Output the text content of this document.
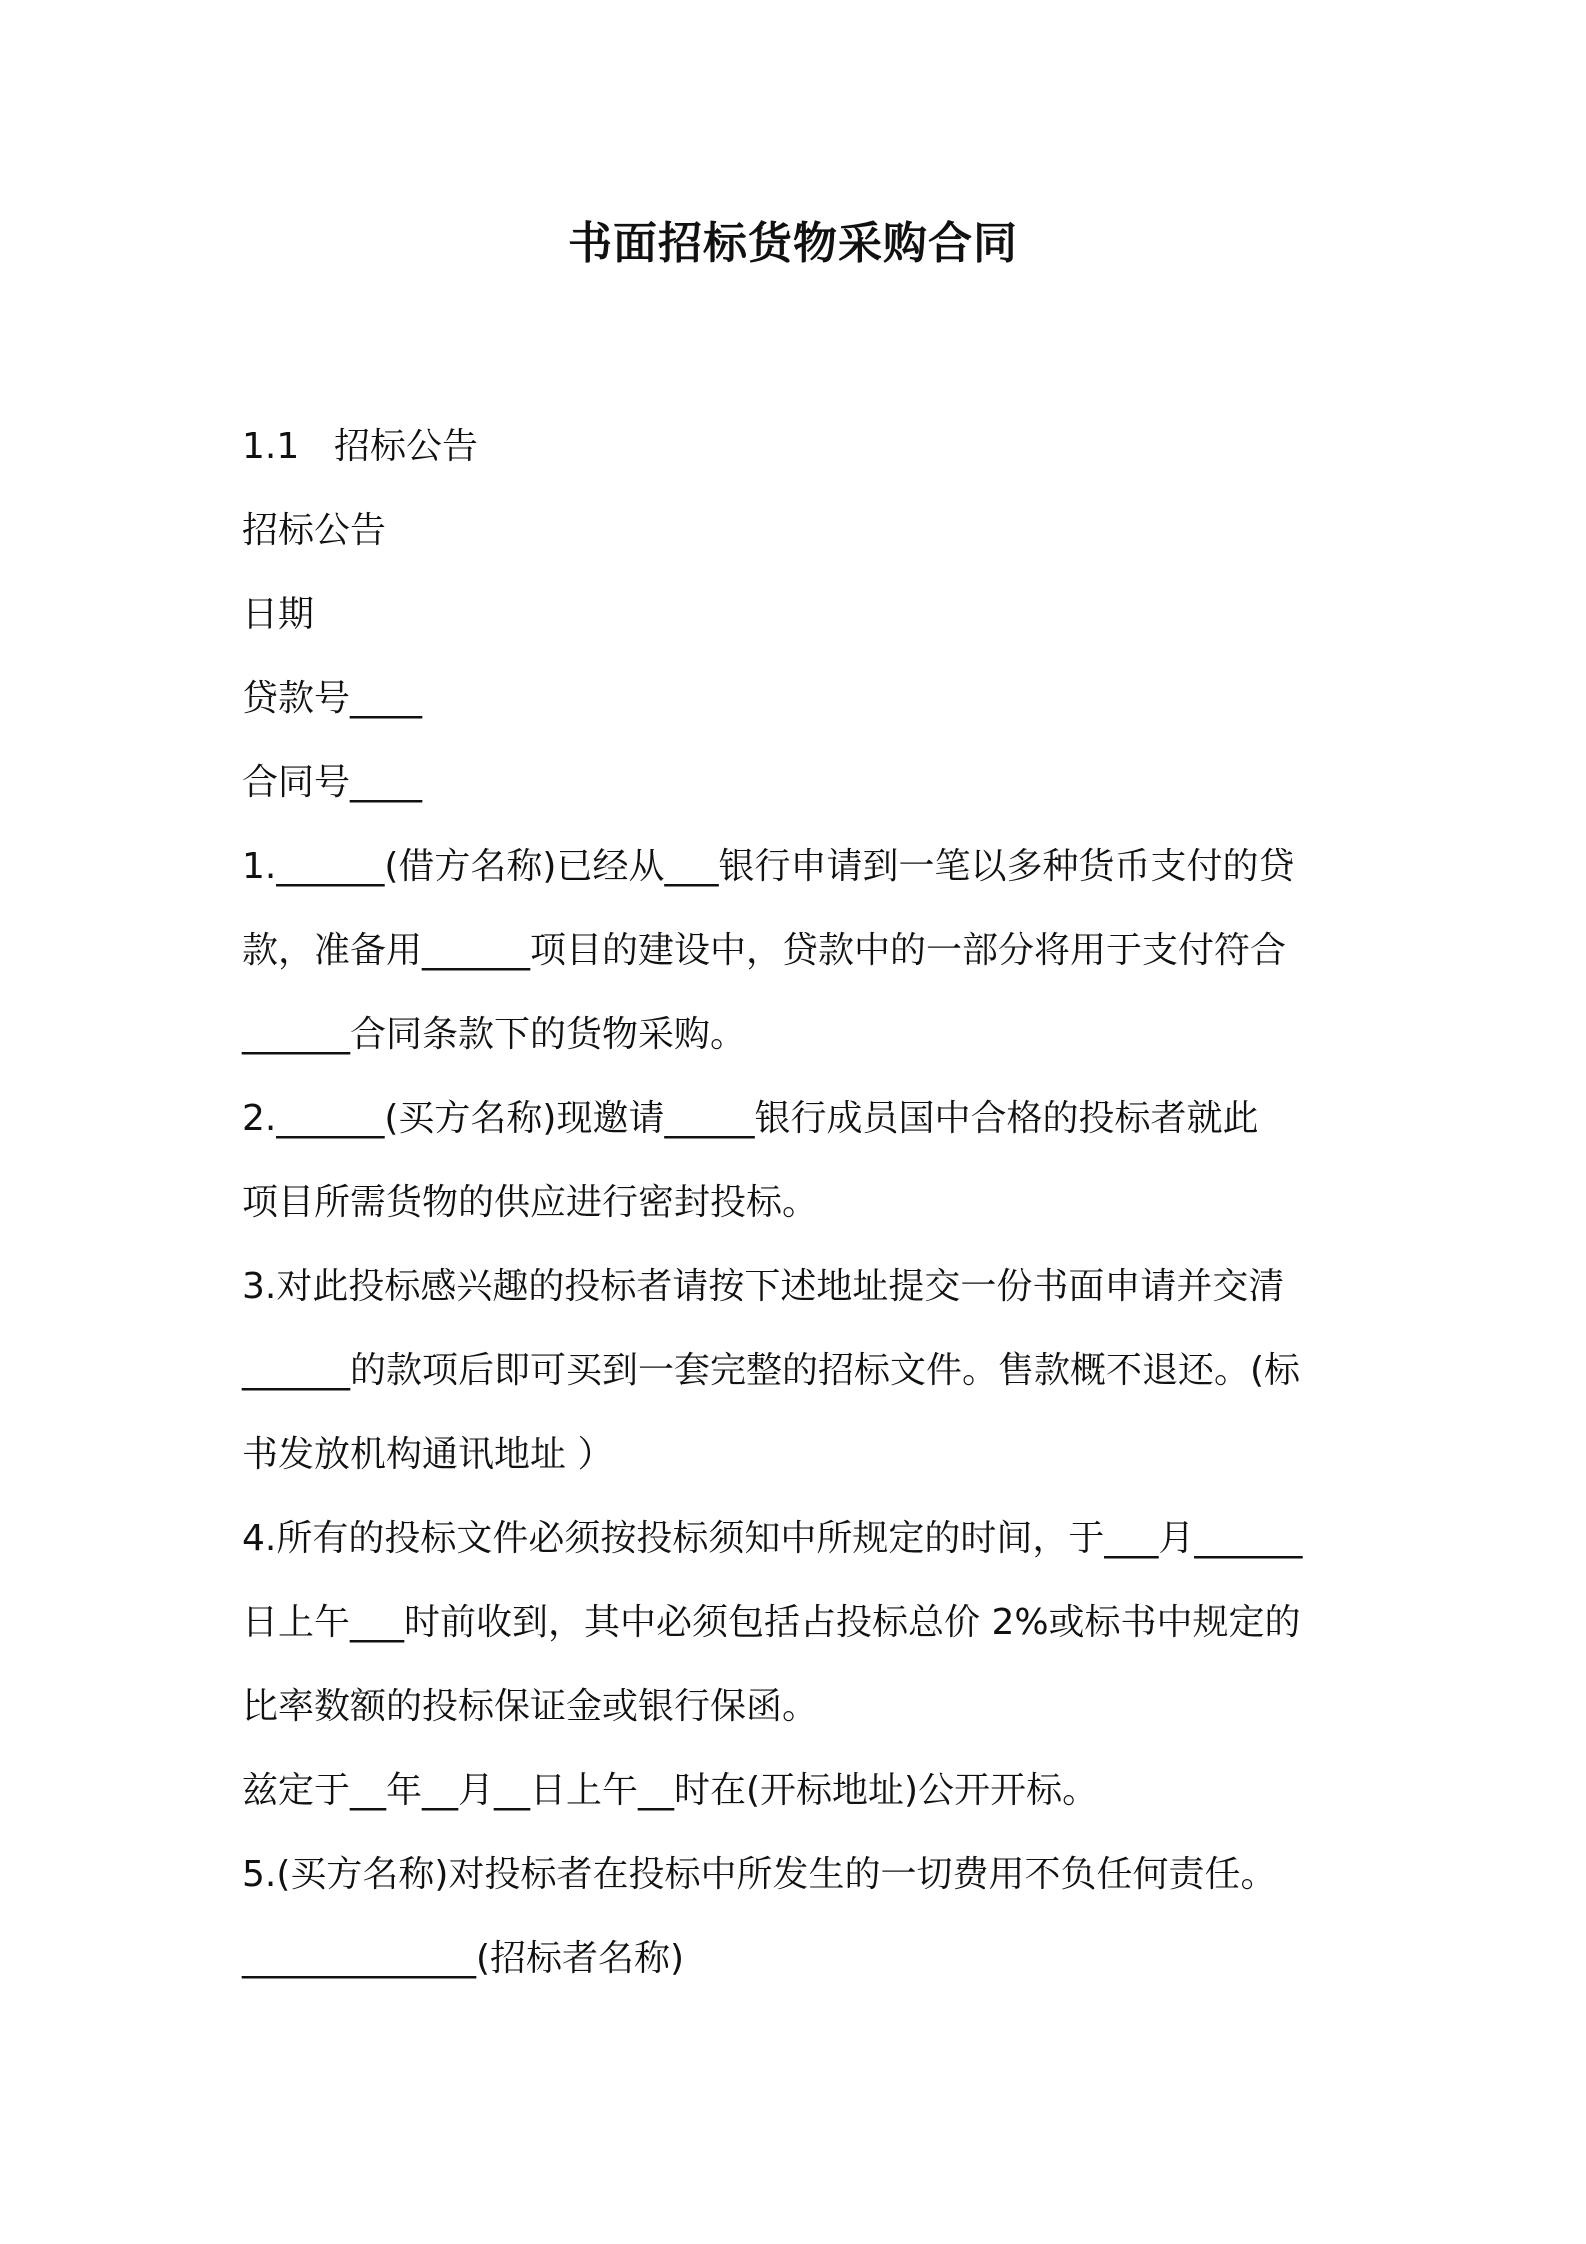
书面招标货物采购合同
1.1 招标公告
招标公告
日期
贷款号____
合同号____
1.______(借方名称)已经从___银行申请到一笔以多种货币支付的贷
款，准备用______项目的建设中，贷款中的一部分将用于支付符合
______合同条款下的货物采购。
2.______(买方名称)现邀请_____银行成员国中合格的投标者就此
项目所需货物的供应进行密封投标。
3.对此投标感兴趣的投标者请按下述地址提交一份书面申请并交清
______的款项后即可买到一套完整的招标文件。售款概不退还。(标
书发放机构通讯地址 ）
4.所有的投标文件必须按投标须知中所规定的时间，于___月______
日上午___时前收到，其中必须包括占投标总价 2%或标书中规定的
比率数额的投标保证金或银行保函。
兹定于__年__月__日上午__时在(开标地址)公开开标。
5.(买方名称)对投标者在投标中所发生的一切费用不负任何责任。
_____________(招标者名称)
